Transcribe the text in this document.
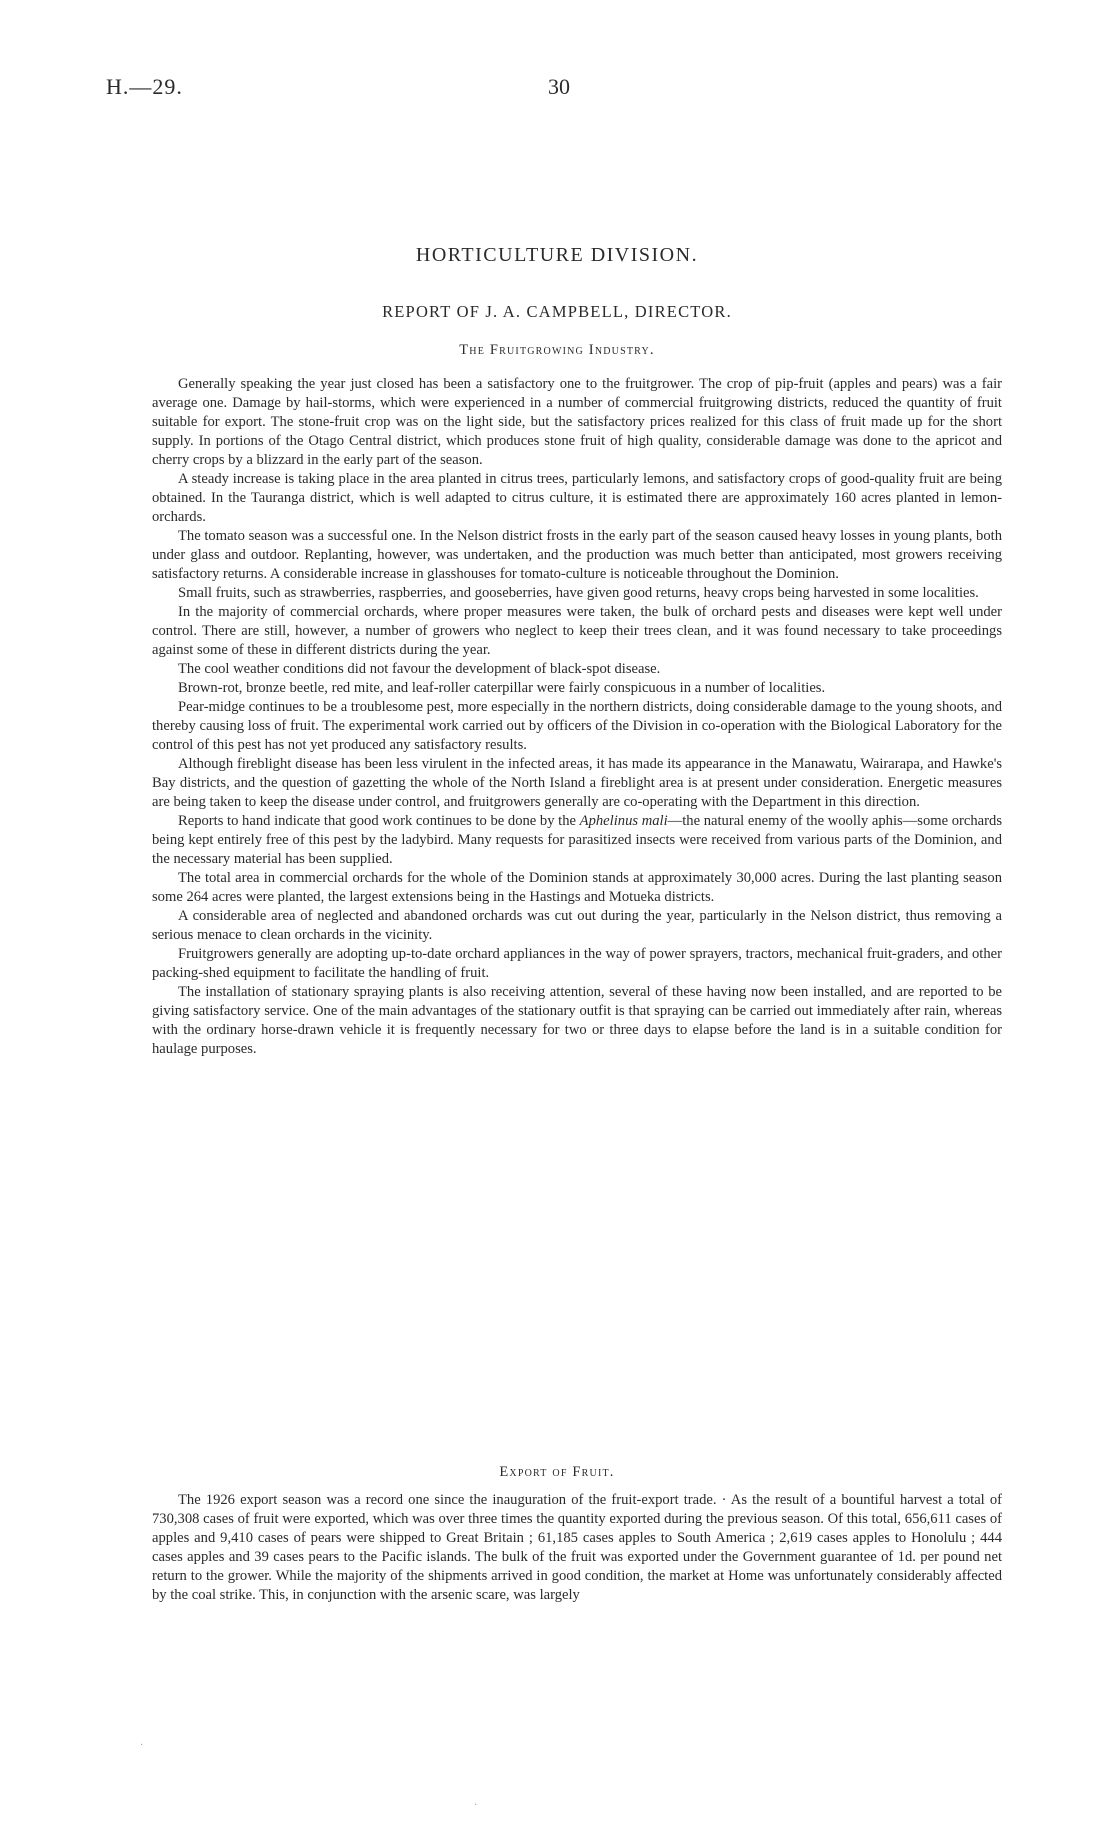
H.—29.	30
HORTICULTURE DIVISION.
REPORT OF J. A. CAMPBELL, DIRECTOR.
The Fruitgrowing Industry.

Generally speaking the year just closed has been a satisfactory one to the fruitgrower. The crop of pip-fruit (apples and pears) was a fair average one. Damage by hail-storms, which were experienced in a number of commercial fruitgrowing districts, reduced the quantity of fruit suitable for export. The stone-fruit crop was on the light side, but the satisfactory prices realized for this class of fruit made up for the short supply. In portions of the Otago Central district, which produces stone fruit of high quality, considerable damage was done to the apricot and cherry crops by a blizzard in the early part of the season.

A steady increase is taking place in the area planted in citrus trees, particularly lemons, and satisfactory crops of good-quality fruit are being obtained. In the Tauranga district, which is well adapted to citrus culture, it is estimated there are approximately 160 acres planted in lemon-orchards.

The tomato season was a successful one. In the Nelson district frosts in the early part of the season caused heavy losses in young plants, both under glass and outdoor. Replanting, however, was undertaken, and the production was much better than anticipated, most growers receiving satisfactory returns. A considerable increase in glasshouses for tomato-culture is noticeable throughout the Dominion.

Small fruits, such as strawberries, raspberries, and gooseberries, have given good returns, heavy crops being harvested in some localities.

In the majority of commercial orchards, where proper measures were taken, the bulk of orchard pests and diseases were kept well under control. There are still, however, a number of growers who neglect to keep their trees clean, and it was found necessary to take proceedings against some of these in different districts during the year.

The cool weather conditions did not favour the development of black-spot disease.

Brown-rot, bronze beetle, red mite, and leaf-roller caterpillar were fairly conspicuous in a number of localities.

Pear-midge continues to be a troublesome pest, more especially in the northern districts, doing considerable damage to the young shoots, and thereby causing loss of fruit. The experimental work carried out by officers of the Division in co-operation with the Biological Laboratory for the control of this pest has not yet produced any satisfactory results.

Although fireblight disease has been less virulent in the infected areas, it has made its appearance in the Manawatu, Wairarapa, and Hawke's Bay districts, and the question of gazetting the whole of the North Island a fireblight area is at present under consideration. Energetic measures are being taken to keep the disease under control, and fruitgrowers generally are co-operating with the Department in this direction.

Reports to hand indicate that good work continues to be done by the Aphelinus mali—the natural enemy of the woolly aphis—some orchards being kept entirely free of this pest by the ladybird. Many requests for parasitized insects were received from various parts of the Dominion, and the necessary material has been supplied.

The total area in commercial orchards for the whole of the Dominion stands at approximately 30,000 acres. During the last planting season some 264 acres were planted, the largest extensions being in the Hastings and Motueka districts.

A considerable area of neglected and abandoned orchards was cut out during the year, particularly in the Nelson district, thus removing a serious menace to clean orchards in the vicinity.

Fruitgrowers generally are adopting up-to-date orchard appliances in the way of power sprayers, tractors, mechanical fruit-graders, and other packing-shed equipment to facilitate the handling of fruit.

The installation of stationary spraying plants is also receiving attention, several of these having now been installed, and are reported to be giving satisfactory service. One of the main advantages of the stationary outfit is that spraying can be carried out immediately after rain, whereas with the ordinary horse-drawn vehicle it is frequently necessary for two or three days to elapse before the land is in a suitable condition for haulage purposes.

Export of Fruit.

The 1926 export season was a record one since the inauguration of the fruit-export trade. · As the result of a bountiful harvest a total of 730,308 cases of fruit were exported, which was over three times the quantity exported during the previous season. Of this total, 656,611 cases of apples and 9,410 cases of pears were shipped to Great Britain ; 61,185 cases apples to South America ; 2,619 cases apples to Honolulu ; 444 cases apples and 39 cases pears to the Pacific islands. The bulk of the fruit was exported under the Government guarantee of 1d. per pound net return to the grower. While the majority of the shipments arrived in good condition, the market at Home was unfortunately considerably affected by the coal strike. This, in conjunction with the arsenic scare, was largely

·
·
